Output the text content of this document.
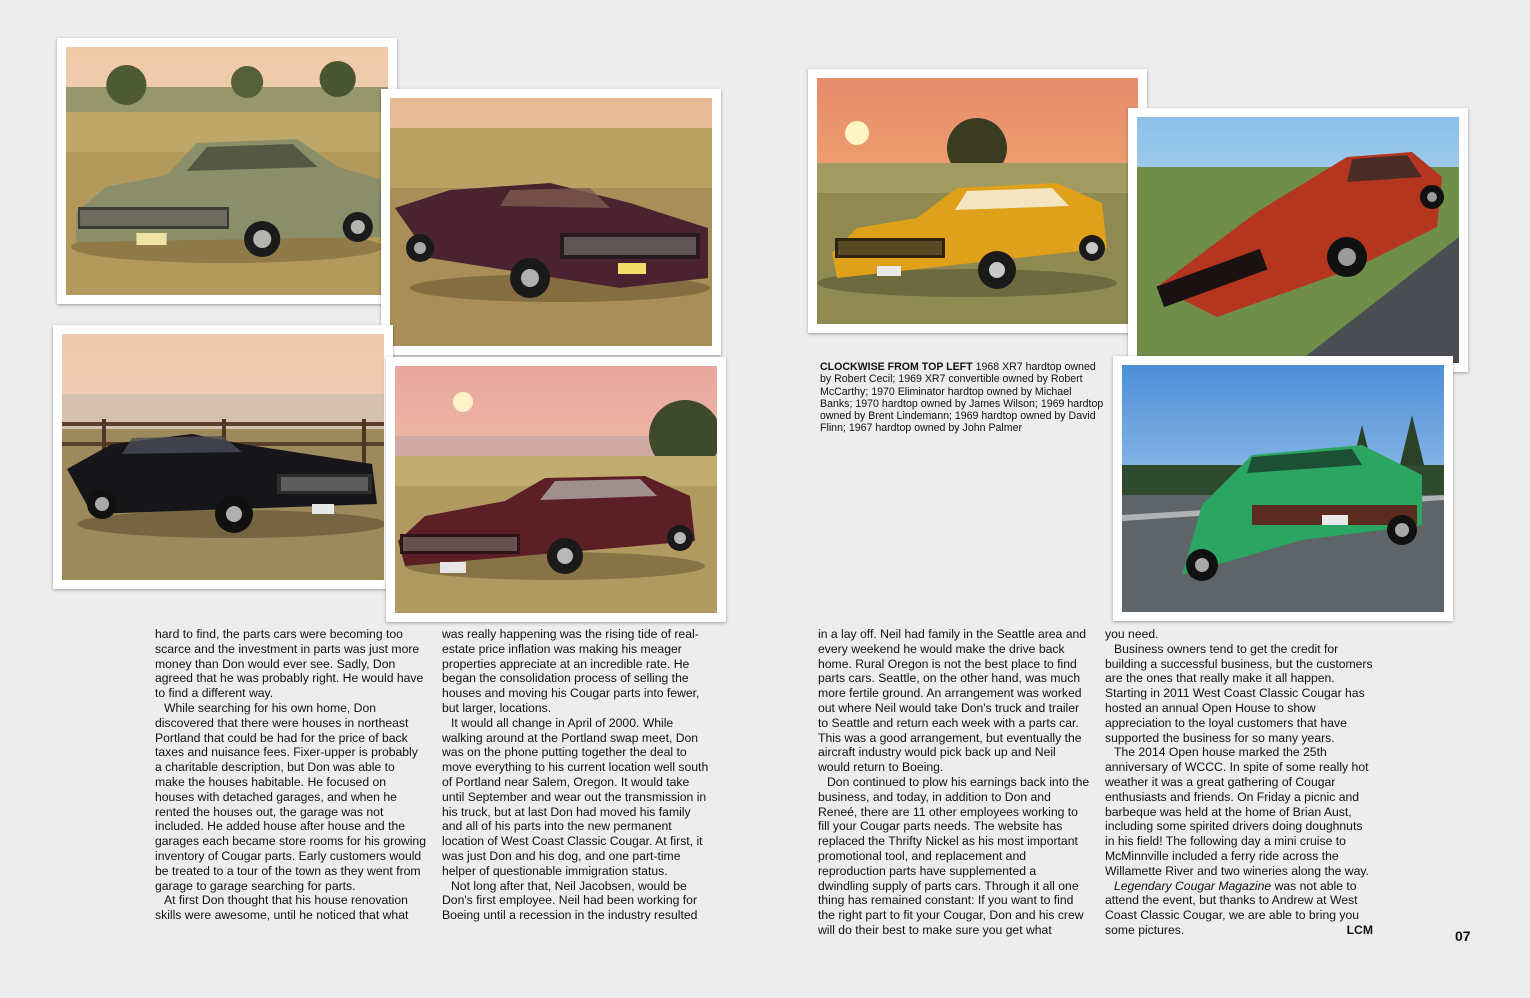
CLOCKWISE FROM TOP LEFT 1968 XR7 hardtop owned by Robert Cecil; 1969 XR7 convertible owned by Robert McCarthy; 1970 Eliminator hardtop owned by Michael Banks; 1970 hardtop owned by James Wilson; 1969 hardtop owned by Brent Lindemann; 1969 hardtop owned by David Flinn; 1967 hardtop owned by John Palmer

hard to find, the parts cars were becoming too scarce and the investment in parts was just more money than Don would ever see. Sadly, Don agreed that he was probably right. He would have to find a different way.

While searching for his own home, Don discovered that there were houses in northeast Portland that could be had for the price of back taxes and nuisance fees. Fixer-upper is probably a charitable description, but Don was able to make the houses habitable. He focused on houses with detached garages, and when he rented the houses out, the garage was not included. He added house after house and the garages each became store rooms for his growing inventory of Cougar parts. Early customers would be treated to a tour of the town as they went from garage to garage searching for parts.

At first Don thought that his house renovation skills were awesome, until he noticed that what

was really happening was the rising tide of real-estate price inflation was making his meager properties appreciate at an incredible rate. He began the consolidation process of selling the houses and moving his Cougar parts into fewer, but larger, locations.

It would all change in April of 2000. While walking around at the Portland swap meet, Don was on the phone putting together the deal to move everything to his current location well south of Portland near Salem, Oregon. It would take until September and wear out the transmission in his truck, but at last Don had moved his family and all of his parts into the new permanent location of West Coast Classic Cougar. At first, it was just Don and his dog, and one part-time helper of questionable immigration status.

Not long after that, Neil Jacobsen, would be Don's first employee. Neil had been working for Boeing until a recession in the industry resulted

in a lay off. Neil had family in the Seattle area and every weekend he would make the drive back home. Rural Oregon is not the best place to find parts cars. Seattle, on the other hand, was much more fertile ground. An arrangement was worked out where Neil would take Don's truck and trailer to Seattle and return each week with a parts car. This was a good arrangement, but eventually the aircraft industry would pick back up and Neil would return to Boeing.

Don continued to plow his earnings back into the business, and today, in addition to Don and Reneé, there are 11 other employees working to fill your Cougar parts needs. The website has replaced the Thrifty Nickel as his most important promotional tool, and replacement and reproduction parts have supplemented a dwindling supply of parts cars. Through it all one thing has remained constant: If you want to find the right part to fit your Cougar, Don and his crew will do their best to make sure you get what

you need.

Business owners tend to get the credit for building a successful business, but the customers are the ones that really make it all happen. Starting in 2011 West Coast Classic Cougar has hosted an annual Open House to show appreciation to the loyal customers that have supported the business for so many years.

The 2014 Open house marked the 25th anniversary of WCCC. In spite of some really hot weather it was a great gathering of Cougar enthusiasts and friends. On Friday a picnic and barbeque was held at the home of Brian Aust, including some spirited drivers doing doughnuts in his field! The following day a mini cruise to McMinnville included a ferry ride across the Willamette River and two wineries along the way.

Legendary Cougar Magazine was not able to attend the event, but thanks to Andrew at West Coast Classic Cougar, we are able to bring you some pictures.	LCM	07
